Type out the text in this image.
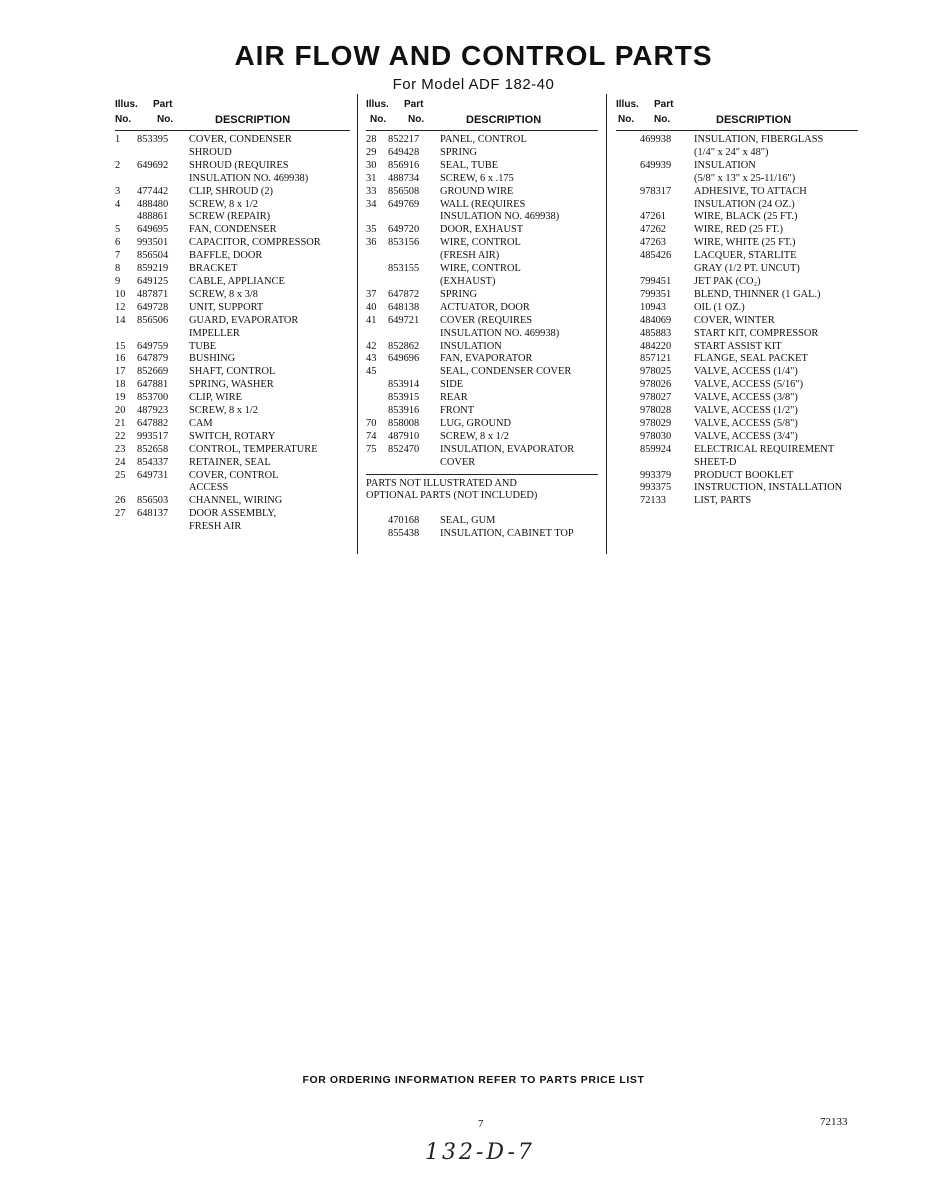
AIR FLOW AND CONTROL PARTS
For Model ADF 182-40
Illus. Part
No.	No.	DESCRIPTION
1	853395	COVER, CONDENSER
SHROUD
2	649692	SHROUD (REQUIRES
INSULATION NO. 469938)
3	477442	CLIP, SHROUD (2)
4	488480	SCREW, 8 x 1/2
488861	SCREW (REPAIR)
5	649695	FAN, CONDENSER
6	993501	CAPACITOR, COMPRESSOR
7	856504	BAFFLE, DOOR
8	859219	BRACKET
9	649125	CABLE, APPLIANCE
10	487871	SCREW, 8 x 3/8
12	649728	UNIT, SUPPORT
14	856506	GUARD, EVAPORATOR
IMPELLER
15	649759	TUBE
16	647879	BUSHING
17	852669	SHAFT, CONTROL
18	647881	SPRING, WASHER
19	853700	CLIP, WIRE
20	487923	SCREW, 8 x 1/2
21	647882	CAM
22	993517	SWITCH, ROTARY
23	852658	CONTROL, TEMPERATURE
24	854337	RETAINER, SEAL
25	649731	COVER, CONTROL
ACCESS
26	856503	CHANNEL, WIRING
27	648137	DOOR ASSEMBLY,
FRESH AIR
Illus. Part
No. No.	DESCRIPTION
28	852217	PANEL, CONTROL
29	649428	SPRING
30	856916	SEAL, TUBE
31	488734	SCREW, 6 x .175
33	856508	GROUND WIRE
34	649769	WALL (REQUIRES
INSULATION NO. 469938)
35	649720	DOOR, EXHAUST
36	853156	WIRE, CONTROL
(FRESH AIR)
853155	WIRE, CONTROL
(EXHAUST)
37	647872	SPRING
40	648138	ACTUATOR, DOOR
41	649721	COVER (REQUIRES
INSULATION NO. 469938)
42	852862	INSULATION
43	649696	FAN, EVAPORATOR
45	SEAL, CONDENSER COVER
853914	SIDE
853915	REAR
853916	FRONT
70	858008	LUG, GROUND
74	487910	SCREW, 8 x 1/2
75	852470	INSULATION, EVAPORATOR
COVER
PARTS NOT ILLUSTRATED AND
OPTIONAL PARTS (NOT INCLUDED)
470168	SEAL, GUM
855438	INSULATION, CABINET TOP
Illus. Part
No. No.	DESCRIPTION
469938	INSULATION, FIBERGLASS
(1/4" x 24" x 48")
649939	INSULATION
(5/8" x 13" x 25-11/16")
978317	ADHESIVE, TO ATTACH
INSULATION (24 OZ.)
47261	WIRE, BLACK (25 FT.)
47262	WIRE, RED (25 FT.)
47263	WIRE, WHITE (25 FT.)
485426	LACQUER, STARLITE
GRAY (1/2 PT. UNCUT)
799451	JET PAK (CO₂)
799351	BLEND, THINNER (1 GAL.)
10943	OIL (1 OZ.)
484069	COVER, WINTER
485883	START KIT, COMPRESSOR
484220	START ASSIST KIT
857121	FLANGE, SEAL PACKET
978025	VALVE, ACCESS (1/4")
978026	VALVE, ACCESS (5/16")
978027	VALVE, ACCESS (3/8")
978028	VALVE, ACCESS (1/2")
978029	VALVE, ACCESS (5/8")
978030	VALVE, ACCESS (3/4")
859924	ELECTRICAL REQUIREMENT
SHEET-D
993379	PRODUCT BOOKLET
993375	INSTRUCTION, INSTALLATION
72133	LIST, PARTS
FOR ORDERING INFORMATION REFER TO PARTS PRICE LIST
7	72133
132-D-7
